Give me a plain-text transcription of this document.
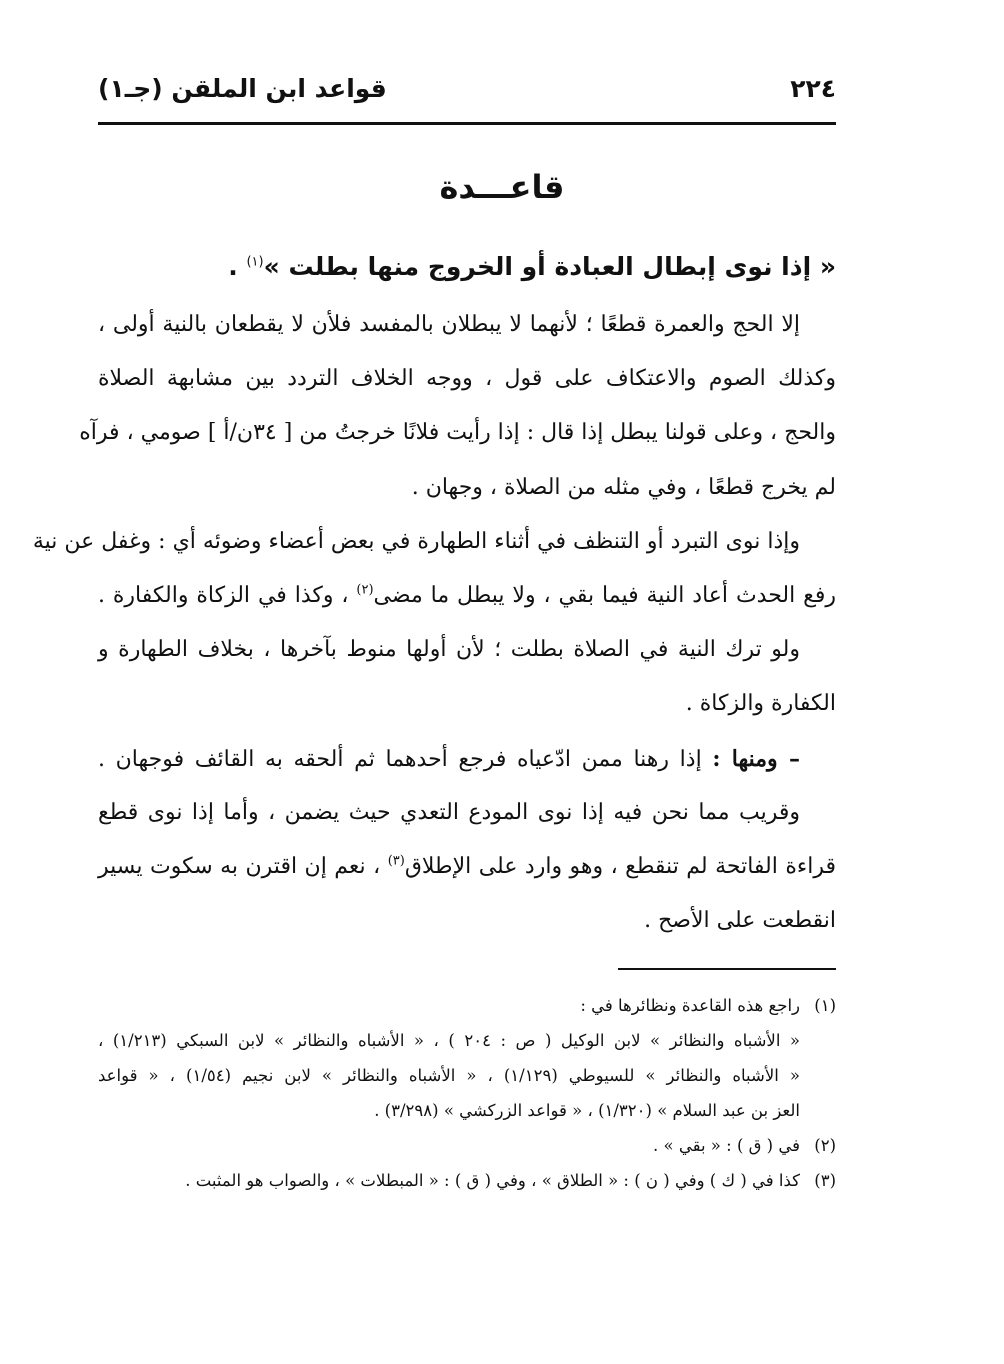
٢٢٤
قواعد ابن الملقن (جـ١)
قاعـــدة
« إذا نوى إبطال العبادة أو الخروج منها بطلت »$^{(١)}$ .
إلا الحج والعمرة قطعًا ؛ لأنهما لا يبطلان بالمفسد فلأن لا يقطعان بالنية أولى ،
وكذلك الصوم والاعتكاف على قول ، ووجه الخلاف التردد بين مشابهة الصلاة
والحج ، وعلى قولنا يبطل إذا قال : إذا رأيت فلانًا خرجتُ من [ ٣٤ن/أ ] صومي ، فرآه
لم يخرج قطعًا ، وفي مثله من الصلاة ، وجهان .
وإذا نوى التبرد أو التنظف في أثناء الطهارة في بعض أعضاء وضوئه أي : وغفل عن نية
رفع الحدث أعاد النية فيما بقي ، ولا يبطل ما مضى$^{(٢)}$ ، وكذا في الزكاة والكفارة .
ولو ترك النية في الصلاة بطلت ؛ لأن أولها منوط بآخرها ، بخلاف الطهارة و
الكفارة والزكاة .
– ومنها : إذا رهنا ممن ادّعياه فرجع أحدهما ثم ألحقه به القائف فوجهان .
وقريب مما نحن فيه إذا نوى المودع التعدي حيث يضمن ، وأما إذا نوى قطع
قراءة الفاتحة لم تنقطع ، وهو وارد على الإطلاق$^{(٣)}$ ، نعم إن اقترن به سكوت يسير
انقطعت على الأصح .
(١)
راجع هذه القاعدة ونظائرها في :
« الأشباه والنظائر » لابن الوكيل ( ص : ٢٠٤ ) ، « الأشباه والنظائر » لابن السبكي (١/٢١٣) ،
« الأشباه والنظائر » للسيوطي (١/١٢٩) ، « الأشباه والنظائر » لابن نجيم (١/٥٤) ، « قواعد
العز بن عبد السلام » (١/٣٢٠) ، « قواعد الزركشي » (٣/٢٩٨) .
(٢)
في ( ق ) : « بقي » .
(٣)
كذا في ( ك ) وفي ( ن ) : « الطلاق » ، وفي ( ق ) : « المبطلات » ، والصواب هو المثبت .
